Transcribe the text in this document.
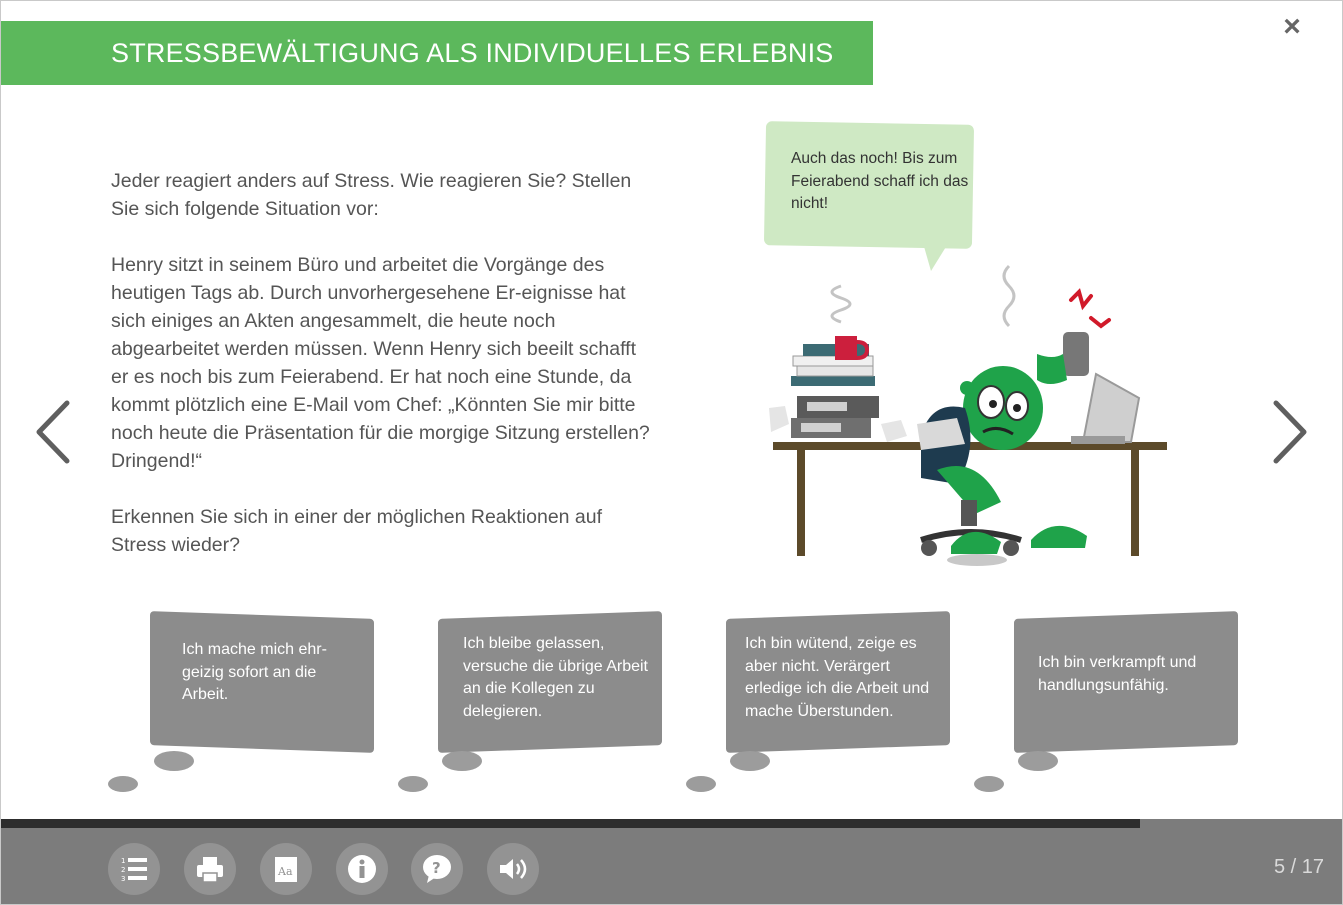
STRESSBEWÄLTIGUNG ALS INDIVIDUELLES ERLEBNIS
×

Jeder reagiert anders auf Stress. Wie reagieren Sie? Stellen Sie sich folgende Situation vor:

Henry sitzt in seinem Büro und arbeitet die Vorgänge des heutigen Tags ab. Durch unvorhergesehene Er-eignisse hat sich einiges an Akten angesammelt, die heute noch abgearbeitet werden müssen. Wenn Henry sich beeilt schafft er es noch bis zum Feierabend. Er hat noch eine Stunde, da kommt plötzlich eine E-Mail vom Chef: „Könnten Sie mir bitte noch heute die Präsentation für die morgige Sitzung erstellen? Dringend!“

Erkennen Sie sich in einer der möglichen Reaktionen auf Stress wieder?

Auch das noch! Bis zum Feierabend schaff ich das nicht!
Ich mache mich ehr-geizig sofort an die Arbeit.
Ich bleibe gelassen, versuche die übrige Arbeit an die Kollegen zu delegieren.
Ich bin wütend, zeige es aber nicht. Verärgert erledige ich die Arbeit und mache Überstunden.
Ich bin verkrampft und handlungsunfähig.
1
2
3
Aa	?	5 / 17
